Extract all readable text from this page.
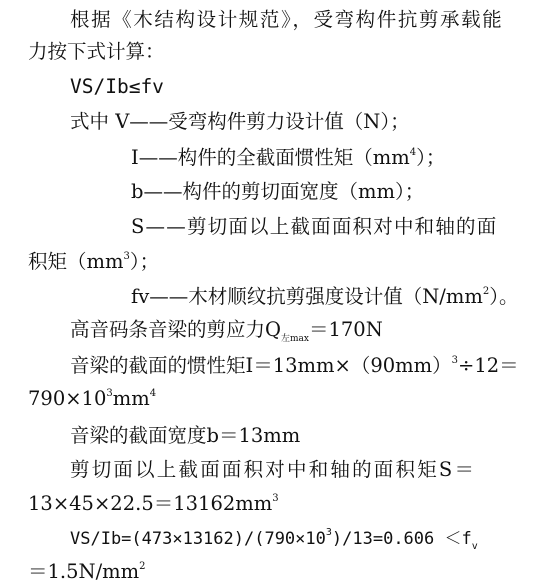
根据《木结构设计规范》，受弯构件抗剪承载能
力按下式计算：
VS/Ib≤fv
式中 V——受弯构件剪力设计值（N）；
I——构件的全截面惯性矩$(mm^4)$；
b——构件的剪切面宽度（mm）；
S——剪切面以上截面面积对中和轴的面
积矩$(mm^3)$；
fv——木材顺纹抗剪强度设计值$(N/mm^2)$。
高音码条音梁的剪应力$Q_{左max}=170N$
音梁的截面的惯性矩$I=13mm\times(90mm)^3\div 12=$
$790\times 10^3mm^4$
音梁的截面宽度b＝13mm
剪切面以上截面面积对中和轴的面积矩S＝
$13\times 45\times 22.5=13162mm^3$
$VS/Ib=(473\times 13162)/(790\times 10^3)/13=0.606 <f_v$
$=1.5N/mm^2$
